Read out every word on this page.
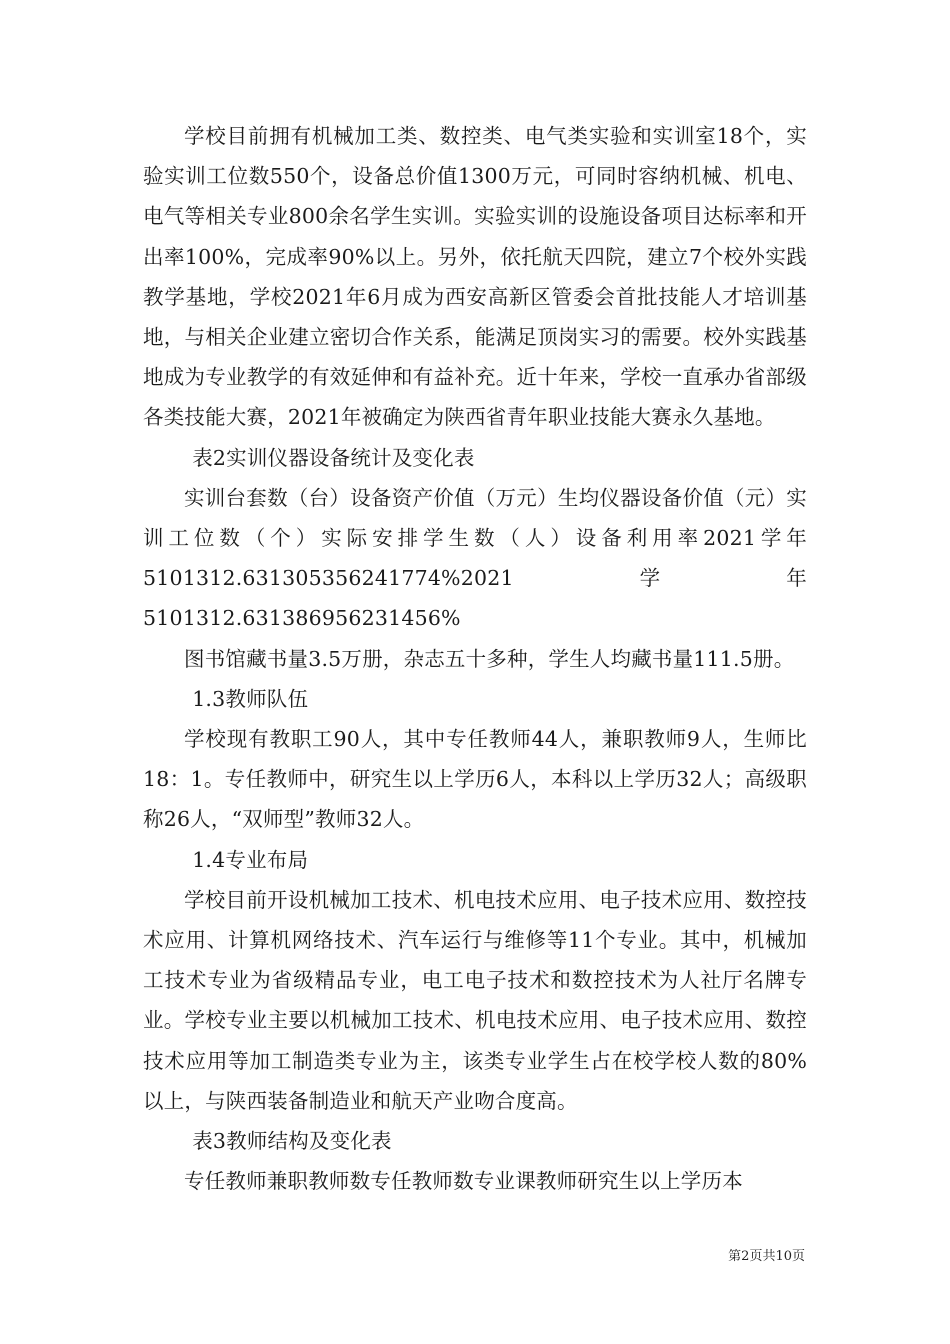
学校目前拥有机械加工类、数控类、电气类实验和实训室18个，实验实训工位数550个，设备总价值1300万元，可同时容纳机械、机电、电气等相关专业800余名学生实训。实验实训的设施设备项目达标率和开出率100%，完成率90%以上。另外，依托航天四院，建立7个校外实践教学基地，学校2021年6月成为西安高新区管委会首批技能人才培训基地，与相关企业建立密切合作关系，能满足顶岗实习的需要。校外实践基地成为专业教学的有效延伸和有益补充。近十年来，学校一直承办省部级各类技能大赛，2021年被确定为陕西省青年职业技能大赛永久基地。

表2实训仪器设备统计及变化表

实训台套数（台）设备资产价值（万元）生均仪器设备价值（元）实训工位数（个）实际安排学生数（人）设备利用率2021学年5101312.631305356241774%2021学年5101312.631386956231456%

图书馆藏书量3.5万册，杂志五十多种，学生人均藏书量111.5册。

1.3教师队伍

学校现有教职工90人，其中专任教师44人，兼职教师9人，生师比18：1。专任教师中，研究生以上学历6人，本科以上学历32人；高级职称26人，“双师型”教师32人。

1.4专业布局

学校目前开设机械加工技术、机电技术应用、电子技术应用、数控技术应用、计算机网络技术、汽车运行与维修等11个专业。其中，机械加工技术专业为省级精品专业，电工电子技术和数控技术为人社厅名牌专业。学校专业主要以机械加工技术、机电技术应用、电子技术应用、数控技术应用等加工制造类专业为主，该类专业学生占在校学校人数的80%以上，与陕西装备制造业和航天产业吻合度高。

表3教师结构及变化表

专任教师兼职教师数专任教师数专业课教师研究生以上学历本

第2页共10页
